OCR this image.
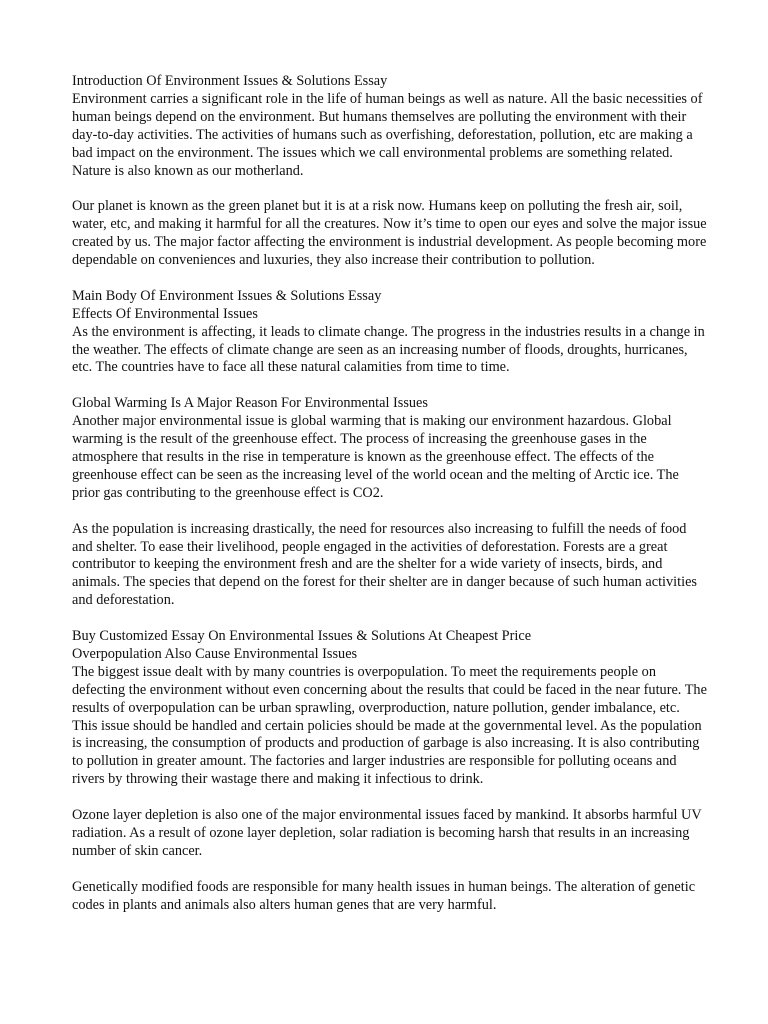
Introduction Of Environment Issues & Solutions Essay

Environment carries a significant role in the life of human beings as well as nature. All the basic necessities of human beings depend on the environment. But humans themselves are polluting the environment with their day-to-day activities. The activities of humans such as overfishing, deforestation, pollution, etc are making a bad impact on the environment. The issues which we call environmental problems are something related. Nature is also known as our motherland.

Our planet is known as the green planet but it is at a risk now. Humans keep on polluting the fresh air, soil, water, etc, and making it harmful for all the creatures. Now it’s time to open our eyes and solve the major issue created by us. The major factor affecting the environment is industrial development. As people becoming more dependable on conveniences and luxuries, they also increase their contribution to pollution.

Main Body Of Environment Issues & Solutions Essay

Effects Of Environmental Issues

As the environment is affecting, it leads to climate change. The progress in the industries results in a change in the weather. The effects of climate change are seen as an increasing number of floods, droughts, hurricanes, etc. The countries have to face all these natural calamities from time to time.

Global Warming Is A Major Reason For Environmental Issues

Another major environmental issue is global warming that is making our environment hazardous. Global warming is the result of the greenhouse effect. The process of increasing the greenhouse gases in the atmosphere that results in the rise in temperature is known as the greenhouse effect. The effects of the greenhouse effect can be seen as the increasing level of the world ocean and the melting of Arctic ice. The prior gas contributing to the greenhouse effect is CO2.

As the population is increasing drastically, the need for resources also increasing to fulfill the needs of food and shelter. To ease their livelihood, people engaged in the activities of deforestation. Forests are a great contributor to keeping the environment fresh and are the shelter for a wide variety of insects, birds, and animals. The species that depend on the forest for their shelter are in danger because of such human activities and deforestation.

Buy Customized Essay On Environmental Issues & Solutions At Cheapest Price

Overpopulation Also Cause Environmental Issues

The biggest issue dealt with by many countries is overpopulation. To meet the requirements people on defecting the environment without even concerning about the results that could be faced in the near future. The results of overpopulation can be urban sprawling, overproduction, nature pollution, gender imbalance, etc. This issue should be handled and certain policies should be made at the governmental level. As the population is increasing, the consumption of products and production of garbage is also increasing. It is also contributing to pollution in greater amount. The factories and larger industries are responsible for polluting oceans and rivers by throwing their wastage there and making it infectious to drink.

Ozone layer depletion is also one of the major environmental issues faced by mankind. It absorbs harmful UV radiation. As a result of ozone layer depletion, solar radiation is becoming harsh that results in an increasing number of skin cancer.

Genetically modified foods are responsible for many health issues in human beings. The alteration of genetic codes in plants and animals also alters human genes that are very harmful.
